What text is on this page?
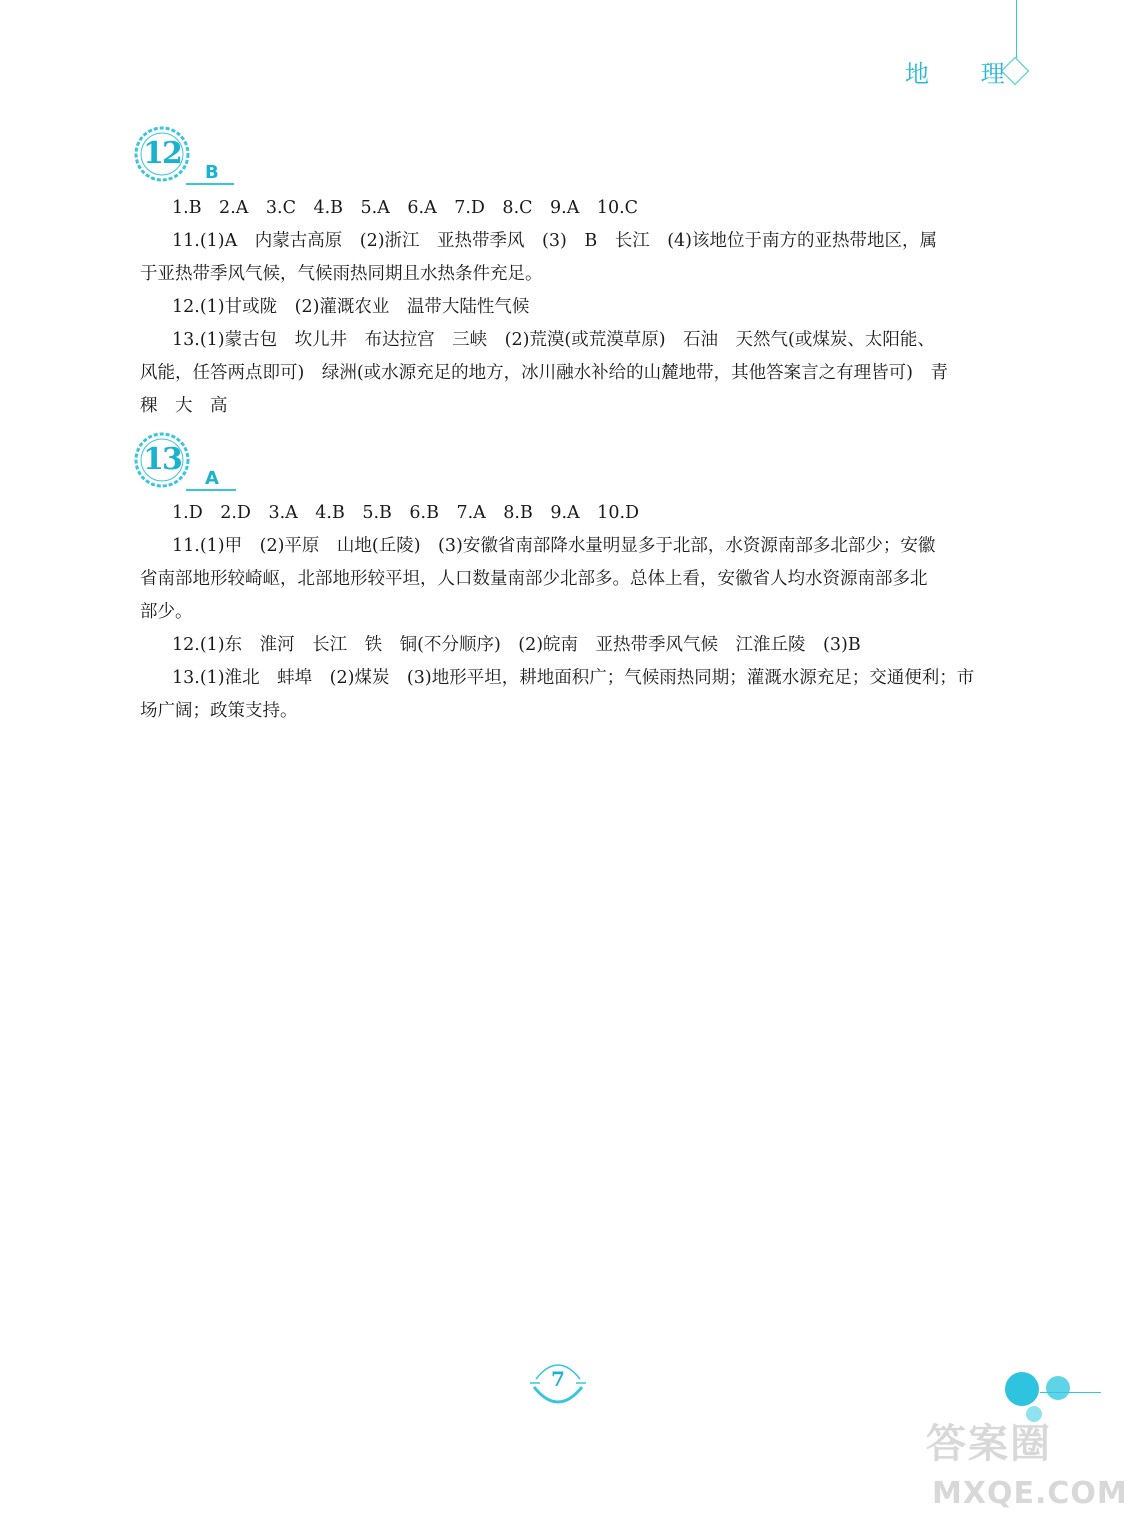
地 理
12
B
1.B　2.A　3.C　4.B　5.A　6.A　7.D　8.C　9.A　10.C
11.(1)A　内蒙古高原　(2)浙江　亚热带季风　(3)　B　长江　(4)该地位于南方的亚热带地区，属
于亚热带季风气候，气候雨热同期且水热条件充足。
12.(1)甘或陇　(2)灌溉农业　温带大陆性气候
13.(1)蒙古包　坎儿井　布达拉宫　三峡　(2)荒漠(或荒漠草原)　石油　天然气(或煤炭、太阳能、
风能，任答两点即可)　绿洲(或水源充足的地方，冰川融水补给的山麓地带，其他答案言之有理皆可)　青
稞　大　高
13
A
1.D　2.D　3.A　4.B　5.B　6.B　7.A　8.B　9.A　10.D
11.(1)甲　(2)平原　山地(丘陵)　(3)安徽省南部降水量明显多于北部，水资源南部多北部少；安徽
省南部地形较崎岖，北部地形较平坦，人口数量南部少北部多。总体上看，安徽省人均水资源南部多北
部少。
12.(1)东　淮河　长江　铁　铜(不分顺序)　(2)皖南　亚热带季风气候　江淮丘陵　(3)B
13.(1)淮北　蚌埠　(2)煤炭　(3)地形平坦，耕地面积广；气候雨热同期；灌溉水源充足；交通便利；市
场广阔；政策支持。
7
答案圈
MXQE.COM
